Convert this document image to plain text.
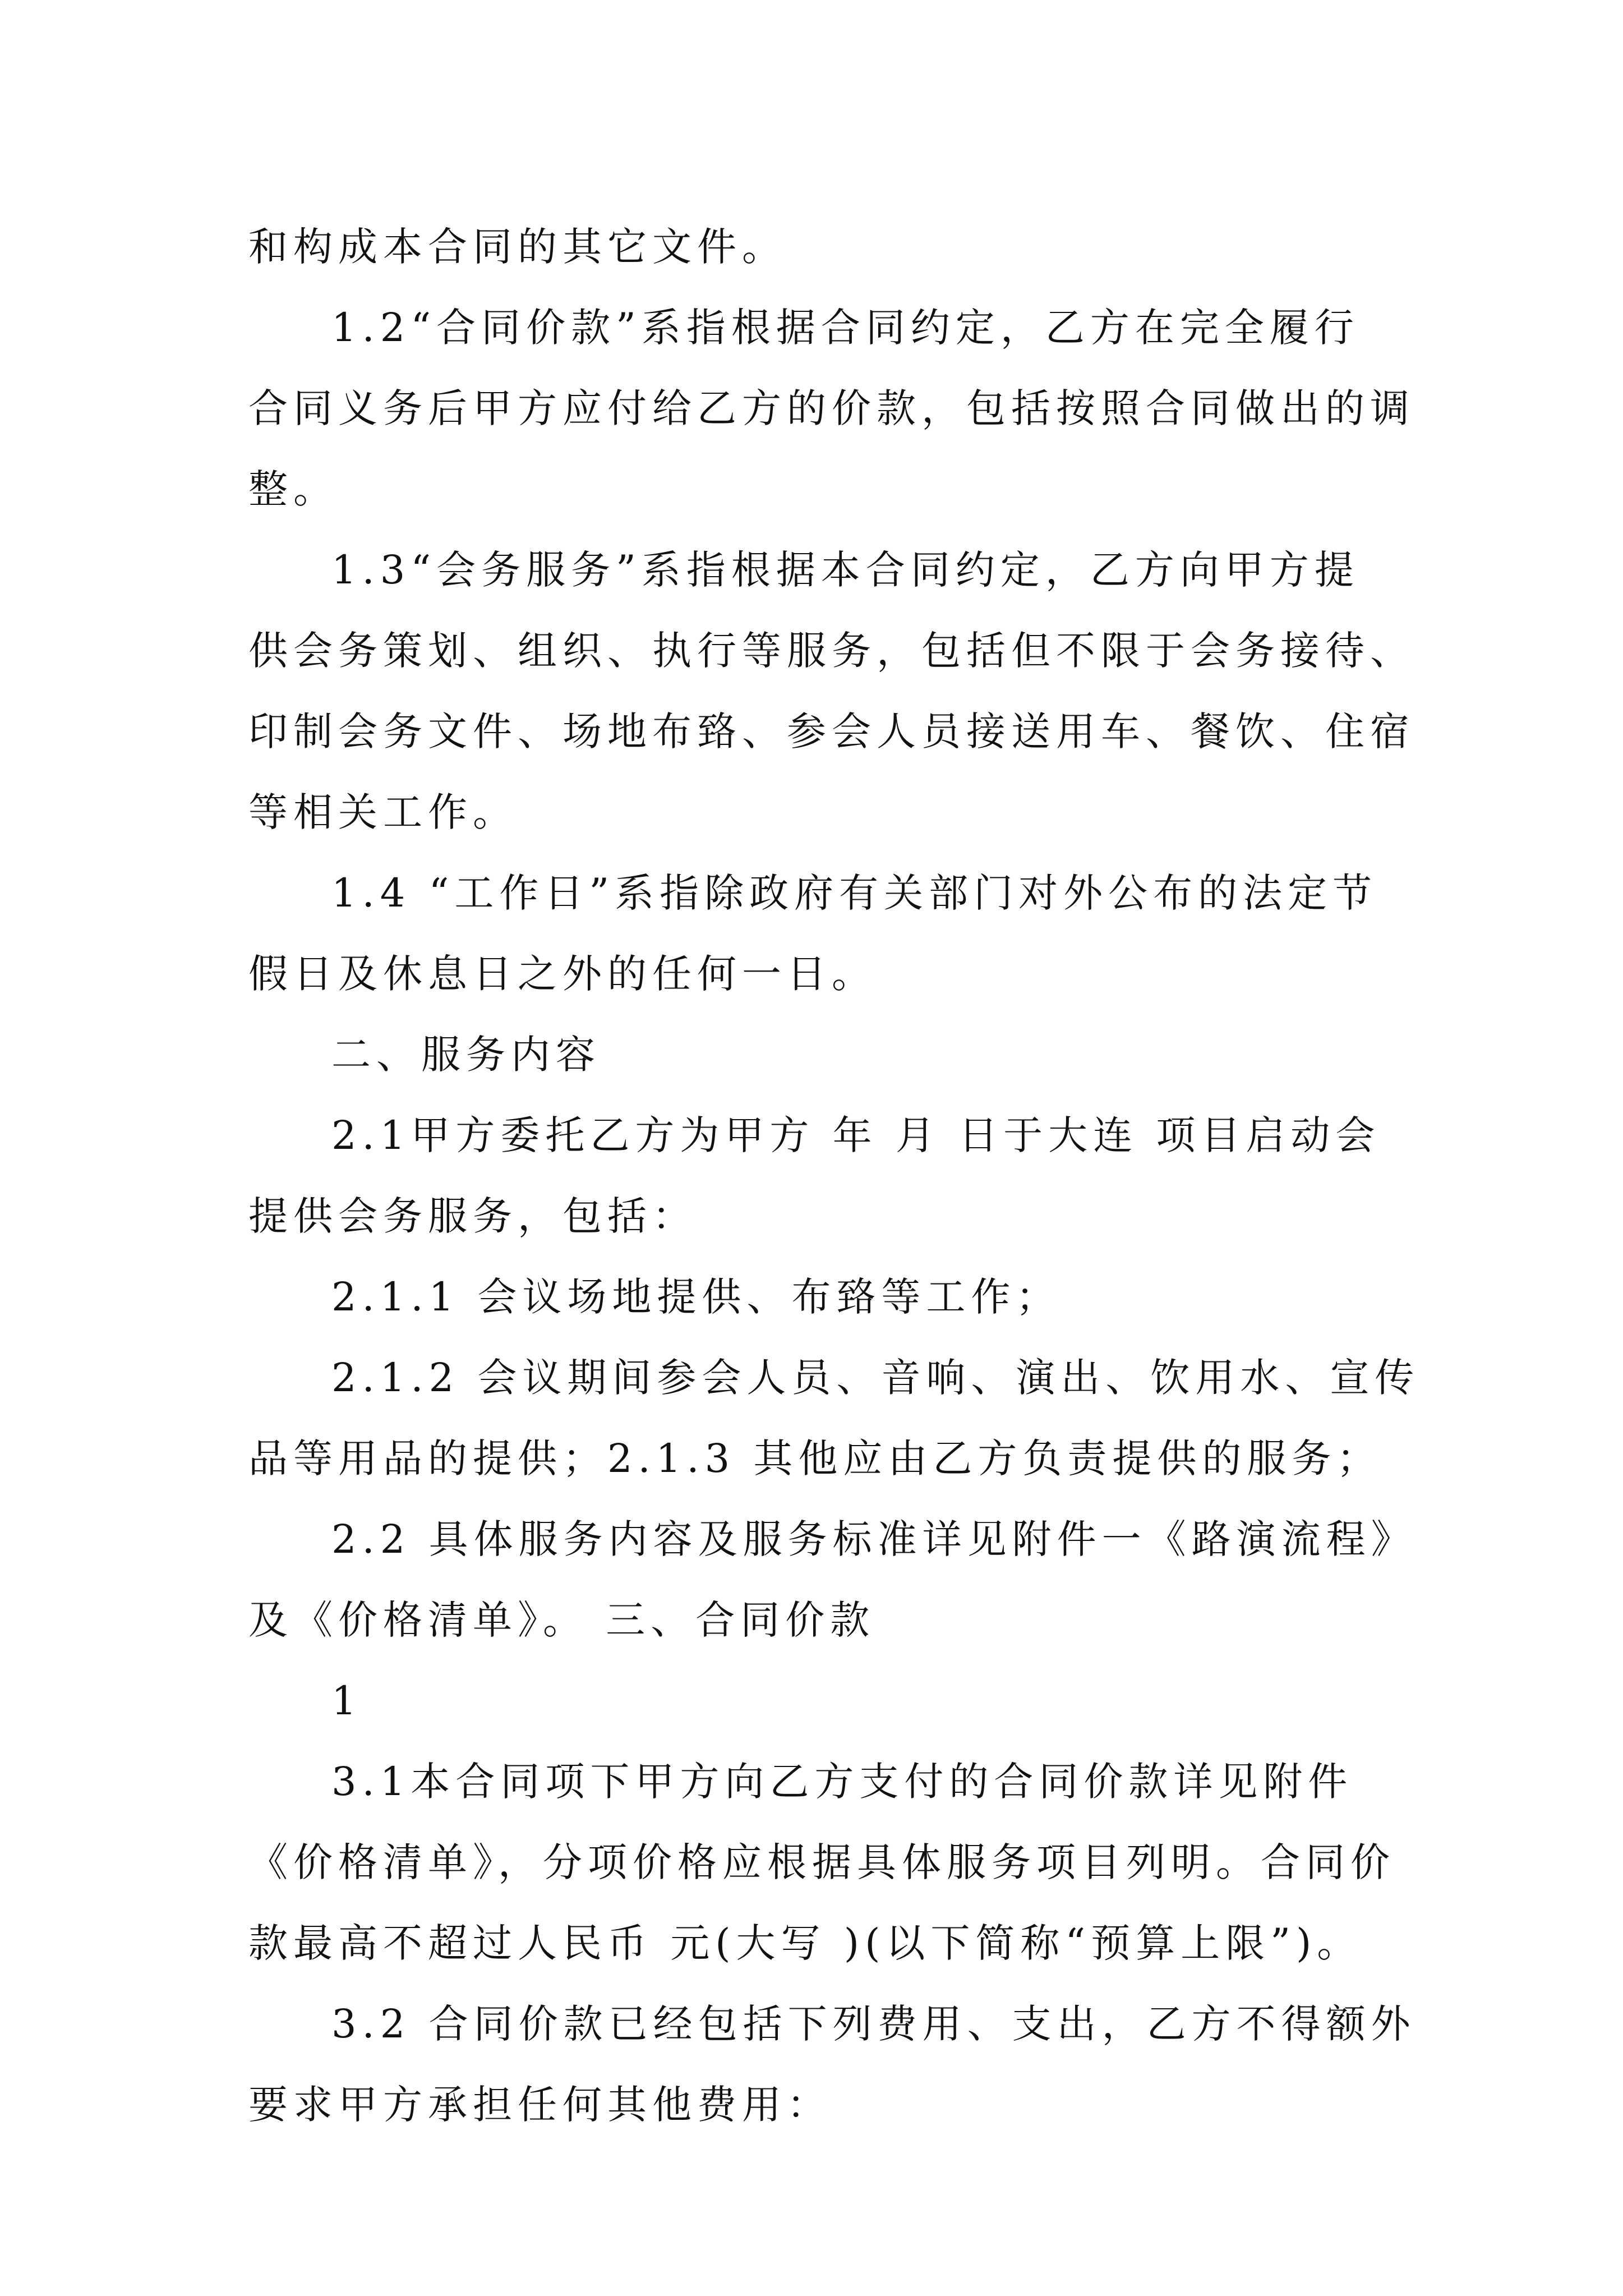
和构成本合同的其它文件。
1.2“合同价款”系指根据合同约定，乙方在完全履行
合同义务后甲方应付给乙方的价款，包括按照合同做出的调
整。
1.3“会务服务”系指根据本合同约定，乙方向甲方提
供会务策划、组织、执行等服务，包括但不限于会务接待、
印制会务文件、场地布臵、参会人员接送用车、餐饮、住宿
等相关工作。
1.4 “工作日”系指除政府有关部门对外公布的法定节
假日及休息日之外的任何一日。
二、服务内容
2.1甲方委托乙方为甲方 年 月 日于大连 项目启动会
提供会务服务，包括：
2.1.1 会议场地提供、布臵等工作；
2.1.2 会议期间参会人员、音响、演出、饮用水、宣传
品等用品的提供；2.1.3 其他应由乙方负责提供的服务；
2.2 具体服务内容及服务标准详见附件一《路演流程》
及《价格清单》。 三、合同价款
1
3.1本合同项下甲方向乙方支付的合同价款详见附件
《价格清单》，分项价格应根据具体服务项目列明。合同价
款最高不超过人民币 元(大写 )(以下简称“预算上限”)。
3.2 合同价款已经包括下列费用、支出，乙方不得额外
要求甲方承担任何其他费用：
